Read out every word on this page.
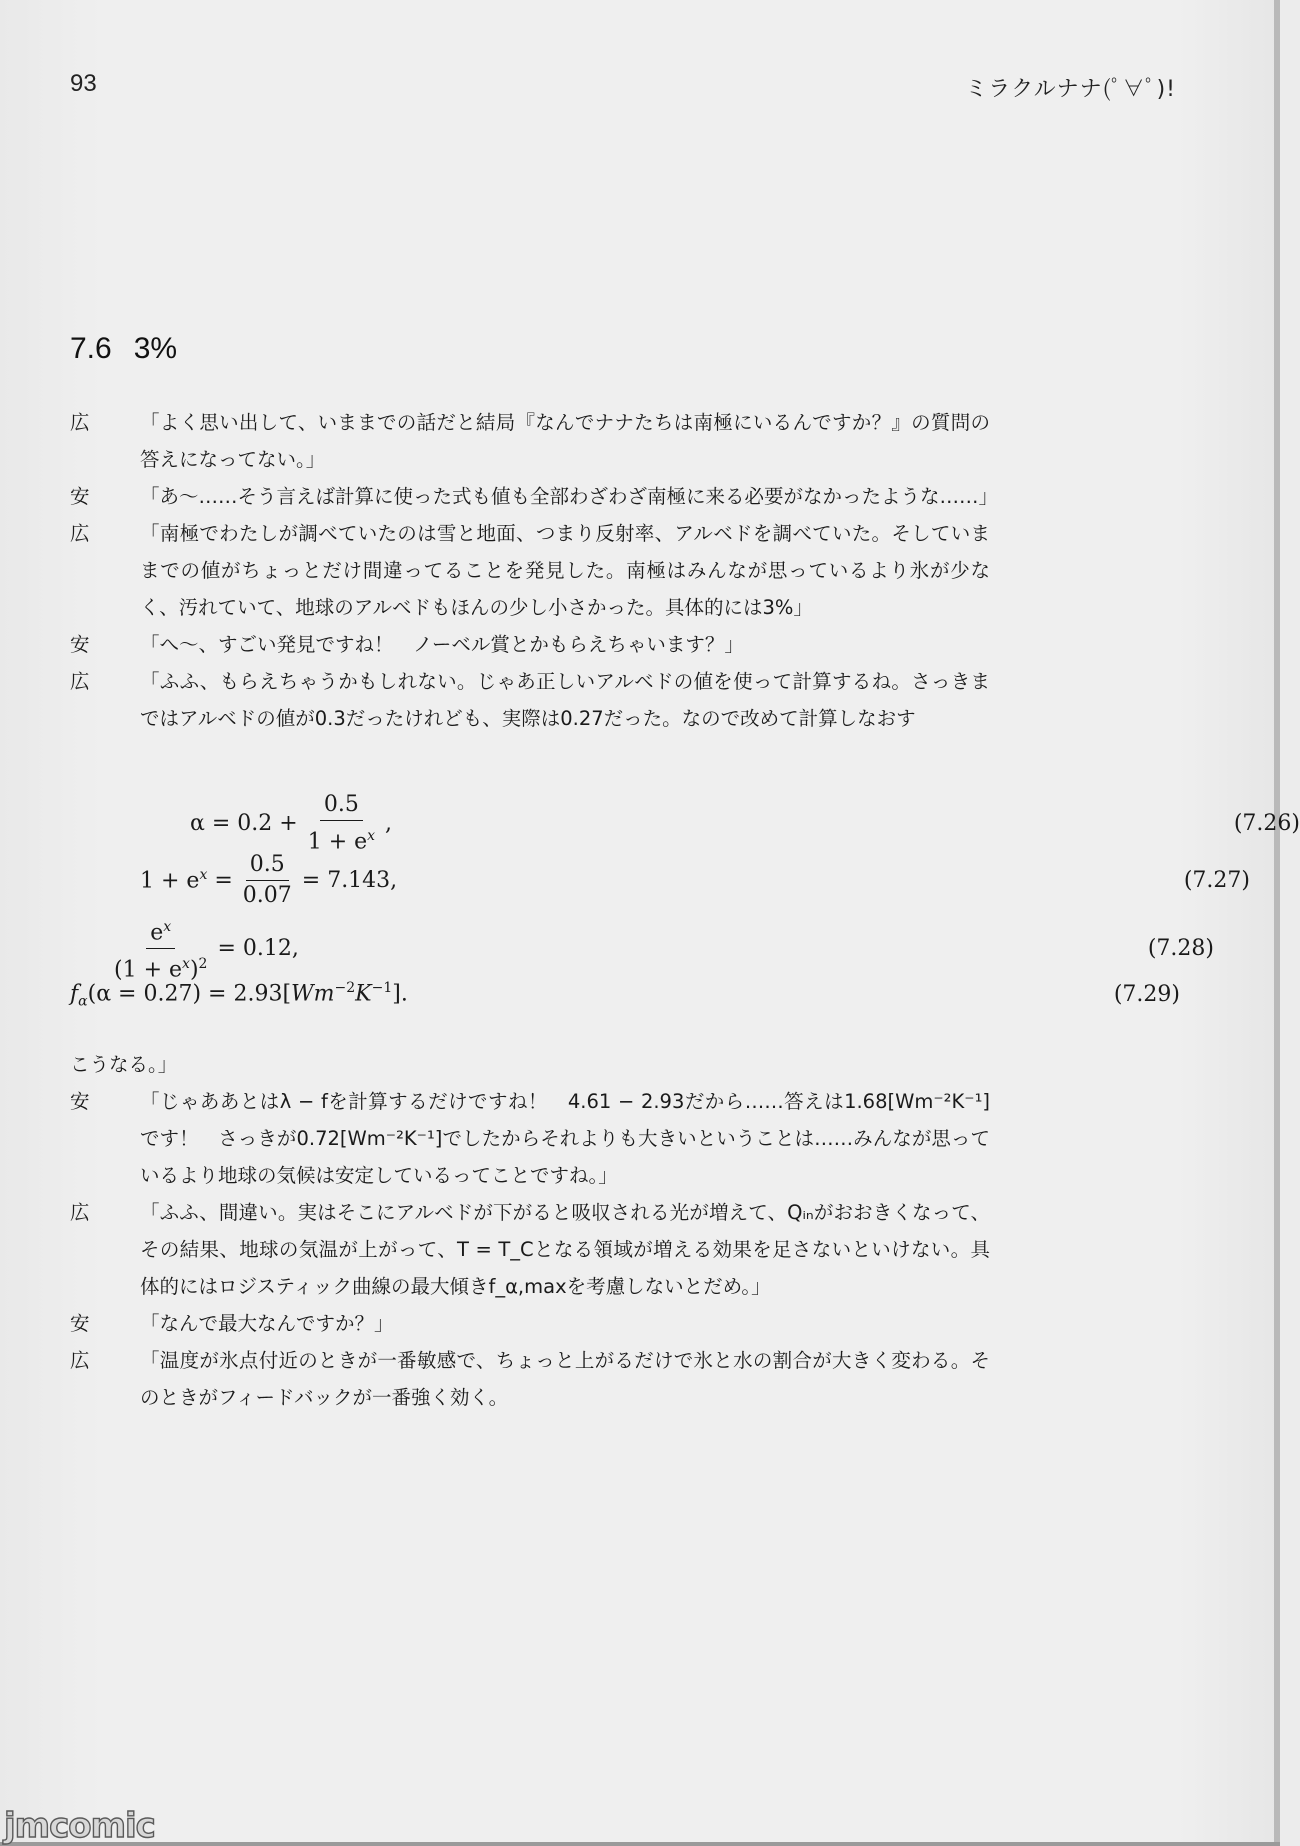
93	ミラクルナナ(ﾟ∀ﾟ)!
7.6 3%
広	「よく思い出して、いままでの話だと結局『なんでナナたちは南極にいるんですか？』の質問の答えになってない。」
安	「あ〜……そう言えば計算に使った式も値も全部わざわざ南極に来る必要がなかったような……」
広	「南極でわたしが調べていたのは雪と地面、つまり反射率、アルベドを調べていた。そしていままでの値がちょっとだけ間違ってることを発見した。南極はみんなが思っているより氷が少なく、汚れていて、地球のアルベドもほんの少し小さかった。具体的には3%」
安	「へ〜、すごい発見ですね！　ノーベル賞とかもらえちゃいます？」
広	「ふふ、もらえちゃうかもしれない。じゃあ正しいアルベドの値を使って計算するね。さっきまではアルベドの値が0.3だったけれども、実際は0.27だった。なので改めて計算しなおす
$\alpha = 0.2 + \frac{0.5}{1 + e^x}$ ,	(7.26)
$1 + e^x$
= $\frac{0.5}{0.07} = 7.143$,	(7.27)
$\frac{e^x}{(1 + e^x)^2} = 0.12$,	(7.28)
$f_\alpha(\alpha = 0.27) = 2.93[Wm^{-2}K^{-1}]$.	(7.29)
こうなる。」
安	「じゃああとはλ − fを計算するだけですね！　4.61 − 2.93だから……答えは1.68[Wm⁻²K⁻¹]です！　さっきが0.72[Wm⁻²K⁻¹]でしたからそれよりも大きいということは……みんなが思っているより地球の気候は安定しているってことですね。」
広	「ふふ、間違い。実はそこにアルベドが下がると吸収される光が増えて、Qᵢₙがおおきくなって、その結果、地球の気温が上がって、T = T_Cとなる領域が増える効果を足さないといけない。具体的にはロジスティック曲線の最大傾きf_α,maxを考慮しないとだめ。」
安	「なんで最大なんですか？」
広	「温度が氷点付近のときが一番敏感で、ちょっと上がるだけで氷と水の割合が大きく変わる。そのときがフィードバックが一番強く効く。
jmcomic
